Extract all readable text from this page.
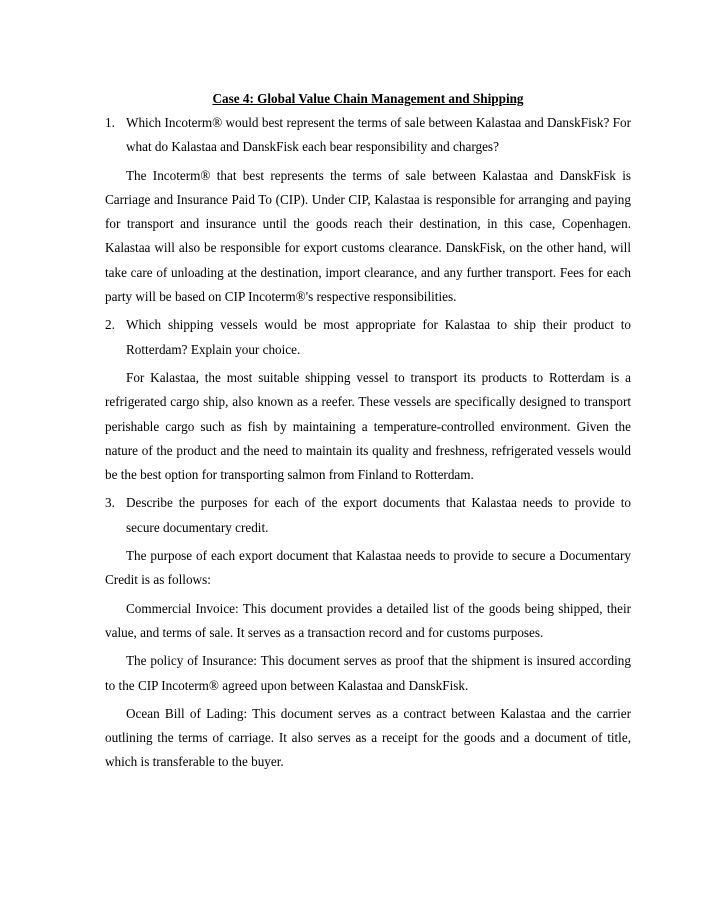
Case 4: Global Value Chain Management and Shipping
1. Which Incoterm® would best represent the terms of sale between Kalastaa and DanskFisk? For what do Kalastaa and DanskFisk each bear responsibility and charges?
The Incoterm® that best represents the terms of sale between Kalastaa and DanskFisk is Carriage and Insurance Paid To (CIP). Under CIP, Kalastaa is responsible for arranging and paying for transport and insurance until the goods reach their destination, in this case, Copenhagen. Kalastaa will also be responsible for export customs clearance. DanskFisk, on the other hand, will take care of unloading at the destination, import clearance, and any further transport. Fees for each party will be based on CIP Incoterm®'s respective responsibilities.
2. Which shipping vessels would be most appropriate for Kalastaa to ship their product to Rotterdam? Explain your choice.
For Kalastaa, the most suitable shipping vessel to transport its products to Rotterdam is a refrigerated cargo ship, also known as a reefer. These vessels are specifically designed to transport perishable cargo such as fish by maintaining a temperature-controlled environment. Given the nature of the product and the need to maintain its quality and freshness, refrigerated vessels would be the best option for transporting salmon from Finland to Rotterdam.
3. Describe the purposes for each of the export documents that Kalastaa needs to provide to secure documentary credit.
The purpose of each export document that Kalastaa needs to provide to secure a Documentary Credit is as follows:
Commercial Invoice: This document provides a detailed list of the goods being shipped, their value, and terms of sale. It serves as a transaction record and for customs purposes.
The policy of Insurance: This document serves as proof that the shipment is insured according to the CIP Incoterm® agreed upon between Kalastaa and DanskFisk.
Ocean Bill of Lading: This document serves as a contract between Kalastaa and the carrier outlining the terms of carriage. It also serves as a receipt for the goods and a document of title, which is transferable to the buyer.
